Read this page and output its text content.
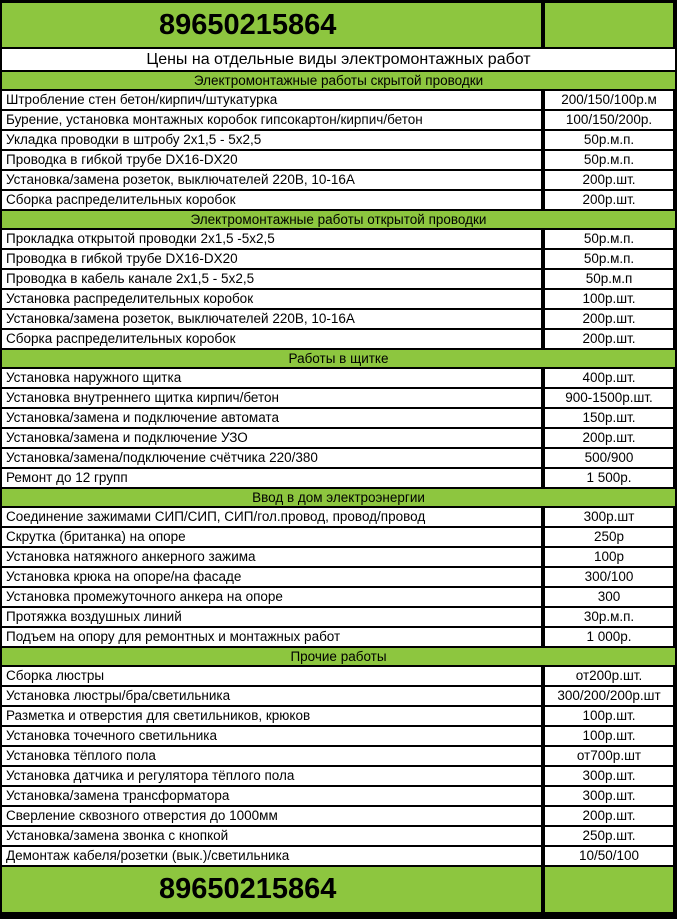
89650215864
Цены на отдельные виды электромонтажных работ
Электромонтажные работы скрытой проводки
Штробление стен бетон/кирпич/штукатурка	200/150/100р.м
Бурение, установка монтажных коробок гипсокартон/кирпич/бетон	100/150/200р.
Укладка проводки в штробу 2х1,5 - 5х2,5	50р.м.п.
Проводка в гибкой трубе DX16-DX20	50р.м.п.
Установка/замена розеток, выключателей 220В, 10-16А	200р.шт.
Сборка распределительных коробок	200р.шт.
Электромонтажные работы открытой проводки
Прокладка открытой проводки 2х1,5 -5х2,5	50р.м.п.
Проводка в гибкой трубе DX16-DX20	50р.м.п.
Проводка в кабель канале 2х1,5 - 5х2,5	50р.м.п
Установка распределительных коробок	100р.шт.
Установка/замена розеток, выключателей 220В, 10-16А	200р.шт.
Сборка распределительных коробок	200р.шт.
Работы в щитке
Установка наружного щитка	400р.шт.
Установка внутреннего щитка кирпич/бетон	900-1500р.шт.
Установка/замена и подключение автомата	150р.шт.
Установка/замена и подключение УЗО	200р.шт.
Установка/замена/подключение счётчика 220/380	500/900
Ремонт до 12 групп	1 500р.
Ввод в дом электроэнергии
Соединение зажимами СИП/СИП, СИП/гол.провод, провод/провод	300р.шт
Скрутка (британка) на опоре	250р
Установка натяжного анкерного зажима	100р
Установка крюка на опоре/на фасаде	300/100
Установка промежуточного анкера на опоре	300
Протяжка воздушных линий	30р.м.п.
Подъем на опору для ремонтных и монтажных работ	1 000р.
Прочие работы
Сборка люстры	от200р.шт.
Установка люстры/бра/светильника	300/200/200р.шт
Разметка и отверстия для светильников, крюков	100р.шт.
Установка точечного светильника	100р.шт.
Установка тёплого пола	от700р.шт
Установка датчика и регулятора тёплого пола	300р.шт.
Установка/замена трансформатора	300р.шт.
Сверление сквозного отверстия до 1000мм	200р.шт.
Установка/замена звонка с кнопкой	250р.шт.
Демонтаж кабеля/розетки (вык.)/светильника	10/50/100
89650215864
